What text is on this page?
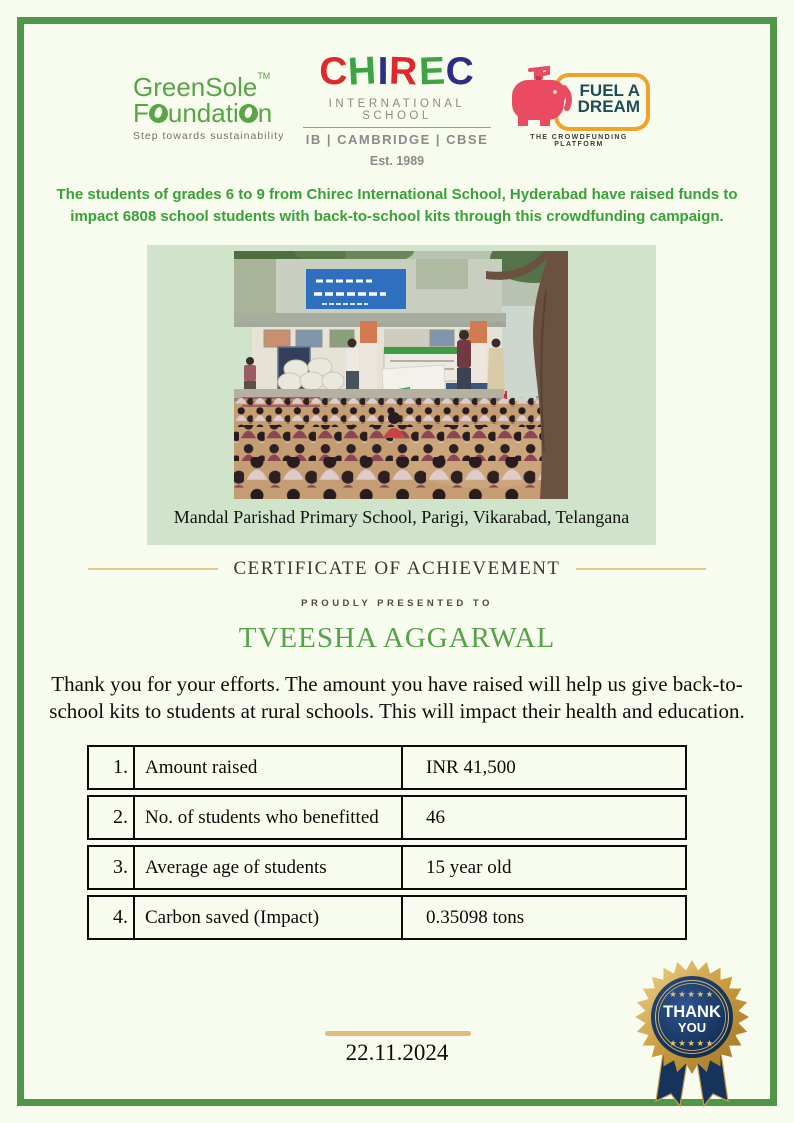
GreenSole™
F undati n
Step towards sustainability
CHIREC
INTERNATIONAL SCHOOL
IB | CAMBRIDGE | CBSE
Est. 1989
FUEL A
DREAM
THE CROWDFUNDING PLATFORM
The students of grades 6 to 9 from Chirec International School, Hyderabad have raised funds to impact 6808 school students with back-to-school kits through this crowdfunding campaign.
Mandal Parishad Primary School, Parigi, Vikarabad, Telangana
CERTIFICATE OF ACHIEVEMENT
PROUDLY PRESENTED TO
TVEESHA AGGARWAL
Thank you for your efforts. The amount you have raised will help us give back-to-school kits to students at rural schools. This will impact their health and education.
1. Amount raised	INR 41,500
2. No. of students who benefitted	46
3. Average age of students	15 year old
4. Carbon saved (Impact)	0.35098 tons
22.11.2024
★★★★★
THANK
YOU
★★★★★
